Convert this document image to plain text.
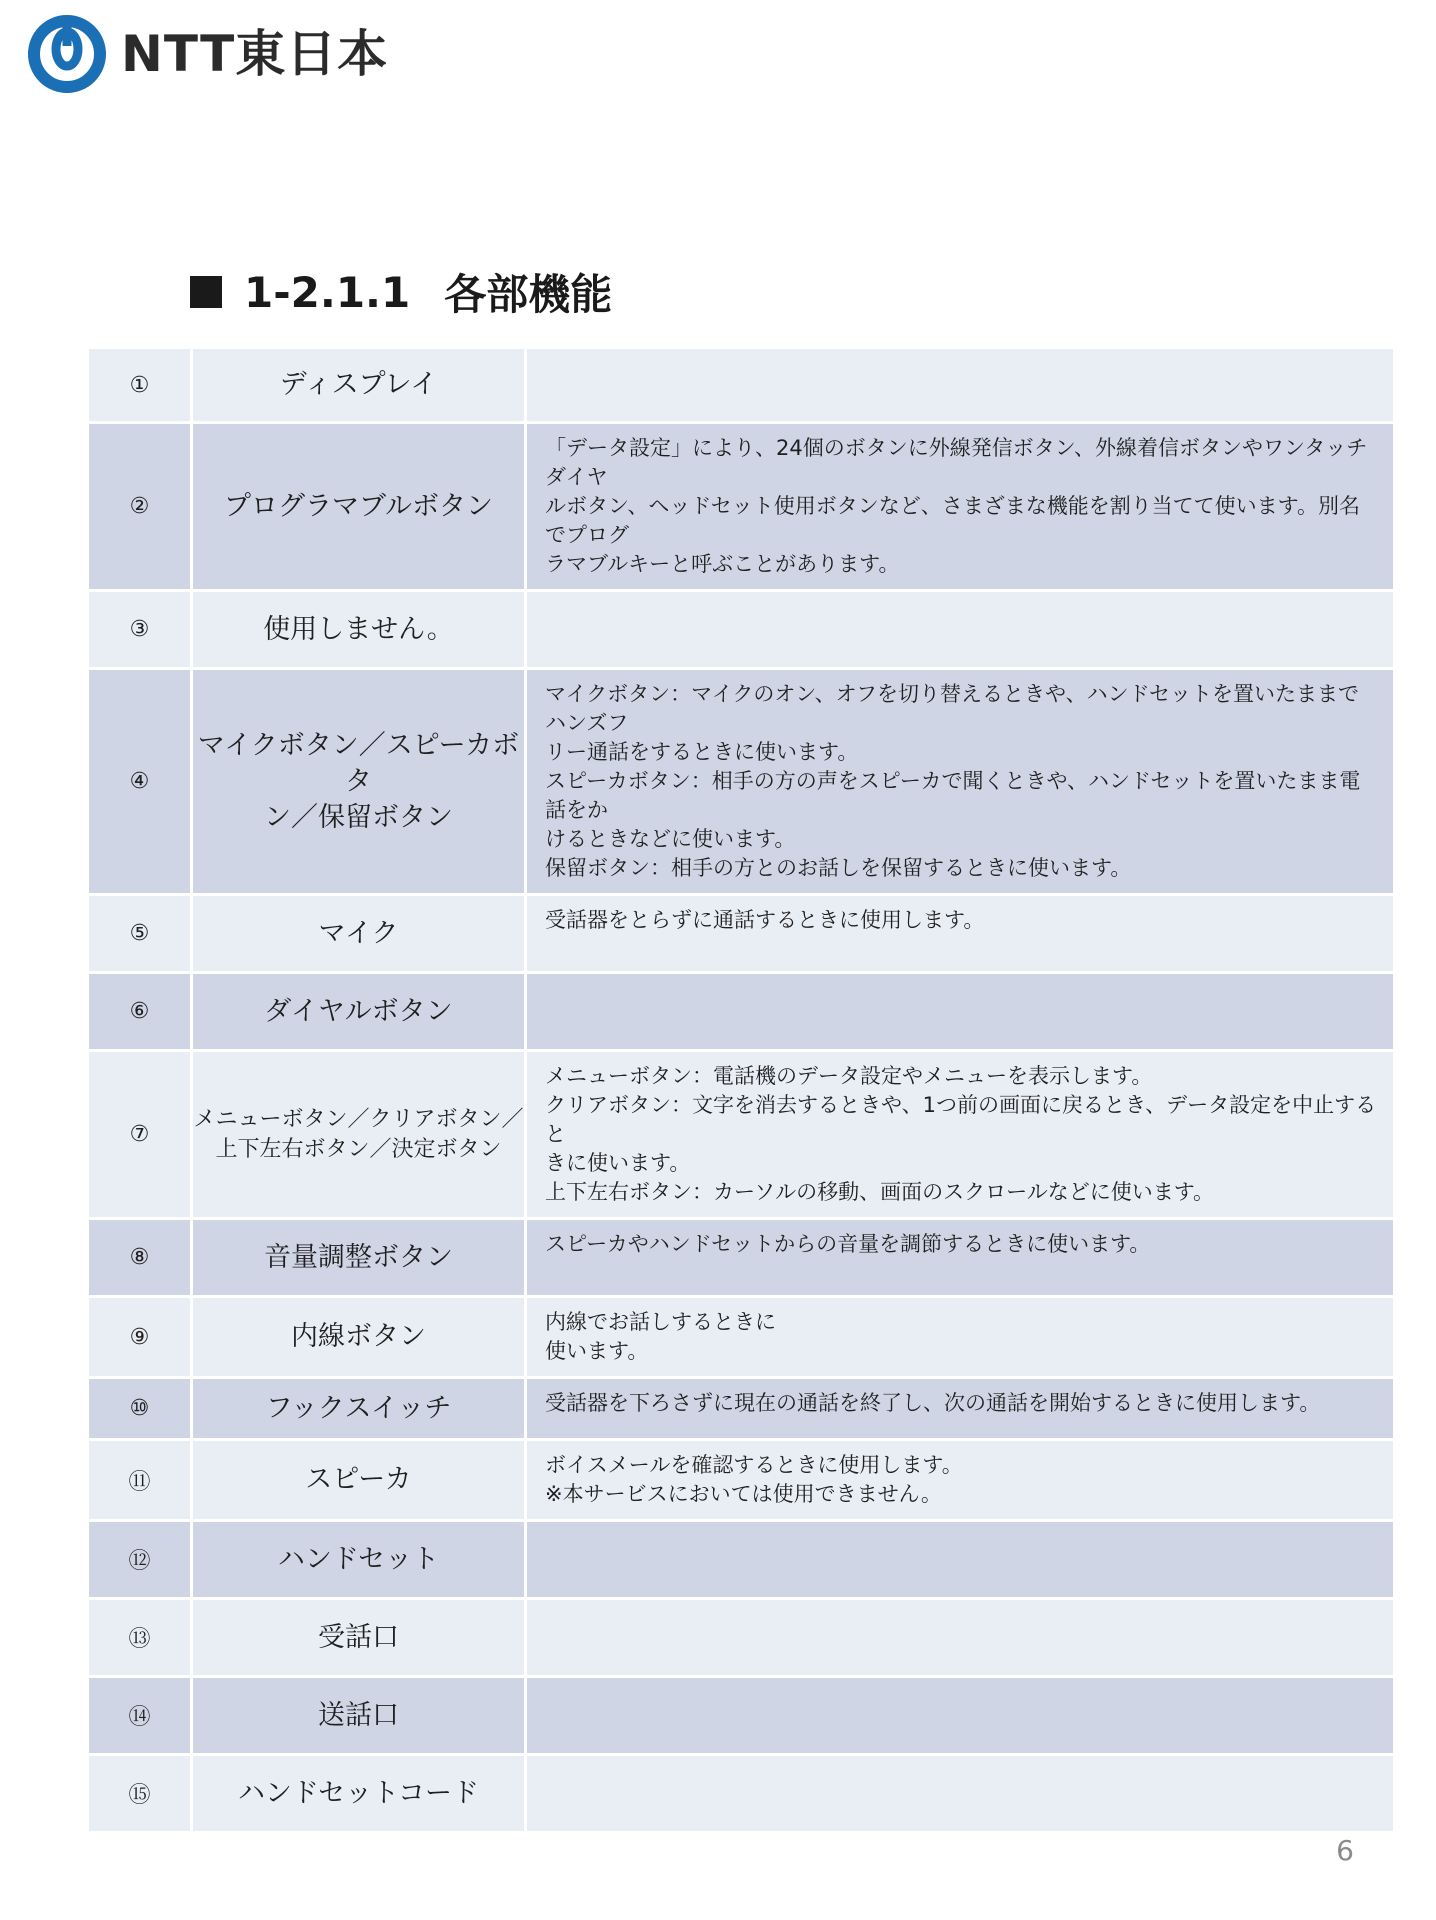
NTT東日本
1-2.1.1 各部機能
①	ディスプレイ	
②	プログラマブルボタン	「データ設定」により、24個のボタンに外線発信ボタン、外線着信ボタンやワンタッチダイヤ
ルボタン、ヘッドセット使用ボタンなど、さまざまな機能を割り当てて使います。別名でプログ
ラマブルキーと呼ぶことがあります。

③	使用しません。	
④	マイクボタン／スピーカボタ
ン／保留ボタン	マイクボタン：マイクのオン、オフを切り替えるときや、ハンドセットを置いたままでハンズフ
リー通話をするときに使います。
スピーカボタン：相手の方の声をスピーカで聞くときや、ハンドセットを置いたまま電話をか
けるときなどに使います。
保留ボタン：相手の方とのお話しを保留するときに使います。

⑤	マイク	受話器をとらずに通話するときに使用します。

⑥	ダイヤルボタン	
⑦	メニューボタン／クリアボタン／
上下左右ボタン／決定ボタン	メニューボタン：電話機のデータ設定やメニューを表示します。
クリアボタン：文字を消去するときや、1つ前の画面に戻るとき、データ設定を中止すると
きに使います。
上下左右ボタン：カーソルの移動、画面のスクロールなどに使います。

⑧	音量調整ボタン	スピーカやハンドセットからの音量を調節するときに使います。

⑨	内線ボタン	内線でお話しするときに
使います。

⑩	フックスイッチ	受話器を下ろさずに現在の通話を終了し、次の通話を開始するときに使用します。

⑪	スピーカ	ボイスメールを確認するときに使用します。
※本サービスにおいては使用できません。

⑫	ハンドセット	
⑬	受話口	
⑭	送話口	
⑮	ハンドセットコード	
6
